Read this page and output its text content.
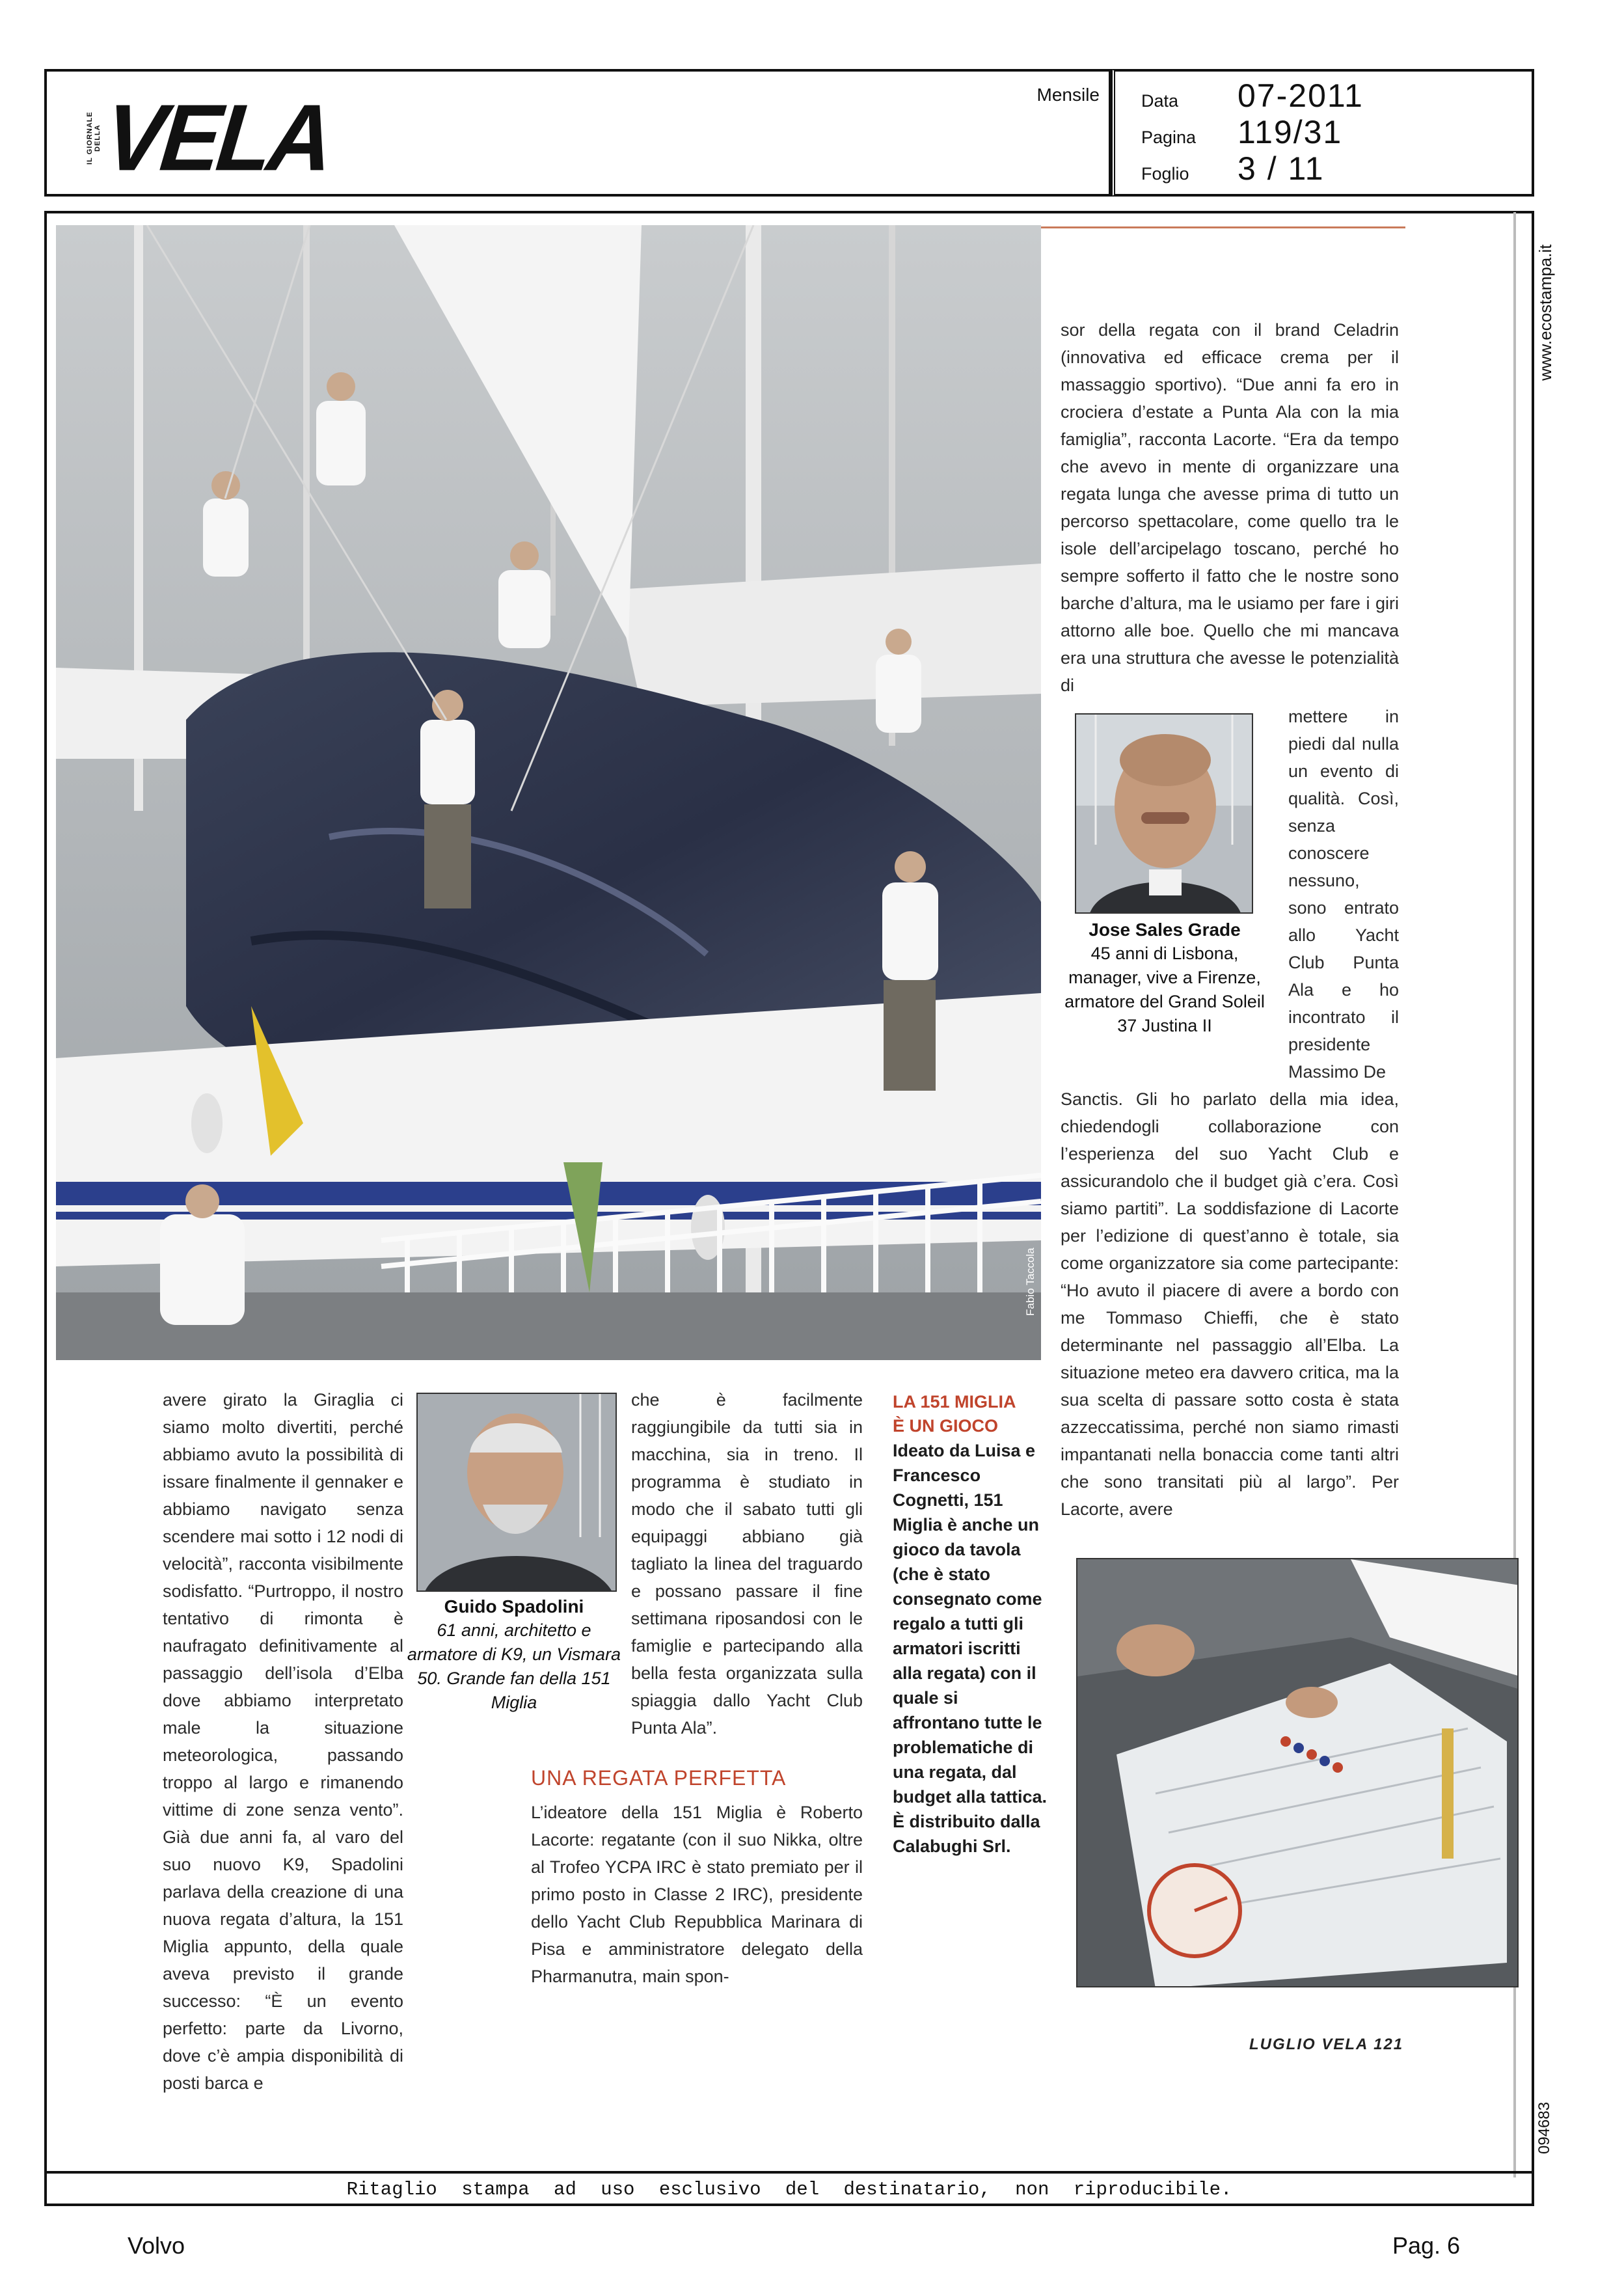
IL GIORNALE DELLA
VELA	Mensile Data	07-2011
Pagina	119/31
Foglio	3 / 11
www.ecostampa.it
094683
Fabio Taccola

sor della regata con il brand Celadrin (innovativa ed efficace crema per il massaggio sportivo). “Due anni fa ero in crociera d’estate a Punta Ala con la mia famiglia”, racconta Lacorte. “Era da tempo che avevo in mente di organizzare una regata lunga che avesse prima di tutto un percorso spettacolare, come quello tra le isole dell’arcipelago toscano, perché ho sempre sofferto il fatto che le nostre sono barche d’altura, ma le usiamo per fare i giri attorno alle boe. Quello che mi mancava era una struttura che avesse le potenzialità di

Jose Sales Grade
45 anni di Lisbona, manager, vive a Firenze, armatore del Grand Soleil 37 Justina II

mettere in piedi dal nulla un evento di qualità. Così, senza conoscere nessuno, sono entrato allo Yacht Club Punta Ala e ho incontrato il presidente Massimo De

Sanctis. Gli ho parlato della mia idea, chiedendogli collaborazione con l’esperienza del suo Yacht Club e assicurandolo che il budget già c’era. Così siamo partiti”. La soddisfazione di Lacorte per l’edizione di quest’anno è totale, sia come organizzatore sia come partecipante: “Ho avuto il piacere di avere a bordo con me Tommaso Chieffi, che è stato determinante nel passaggio all’Elba. La situazione meteo era davvero critica, ma la sua scelta di passare sotto costa è stata azzeccatissima, perché non siamo rimasti impantanati nella bonaccia come tanti altri che sono transitati più al largo”. Per Lacorte, avere

avere girato la Giraglia ci siamo molto divertiti, perché abbiamo avuto la possibilità di issare finalmente il gennaker e abbiamo navigato senza scendere mai sotto i 12 nodi di velocità”, racconta visibilmente sodisfatto. “Purtroppo, il nostro tentativo di rimonta è naufragato definitivamente al passaggio dell’isola d’Elba dove abbiamo interpretato male la situazione meteorologica, passando troppo al largo e rimanendo vittime di zone senza vento”. Già due anni fa, al varo del suo nuovo K9, Spadolini parlava della creazione di una nuova regata d’altura, la 151 Miglia appunto, della quale aveva previsto il grande successo: “È un evento perfetto: parte da Livorno, dove c’è ampia disponibilità di posti barca e

Guido Spadolini
61 anni, architetto e armatore di K9, un Vismara 50. Grande fan della 151 Miglia

che è facilmente raggiungibile da tutti sia in macchina, sia in treno. Il programma è studiato in modo che il sabato tutti gli equipaggi abbiano già tagliato la linea del traguardo e possano passare il fine settimana riposandosi con le famiglie e partecipando alla bella festa organizzata sulla spiaggia dallo Yacht Club Punta Ala”.

UNA REGATA PERFETTA

L’ideatore della 151 Miglia è Roberto Lacorte: regatante (con il suo Nikka, oltre al Trofeo YCPA IRC è stato premiato per il primo posto in Classe 2 IRC), presidente dello Yacht Club Repubblica Marinara di Pisa e amministratore delegato della Pharmanutra, main spon-

LA 151 MIGLIA
È UN GIOCO
Ideato da Luisa e Francesco Cognetti, 151 Miglia è anche un gioco da tavola (che è stato consegnato come regalo a tutti gli armatori iscritti alla regata) con il quale si affrontano tutte le problematiche di una regata, dal budget alla tattica. È distribuito dalla Calabughi Srl.
LUGLIO VELA 121
Ritaglio stampa ad uso esclusivo del destinatario, non riproducibile.
Volvo	Pag. 6
